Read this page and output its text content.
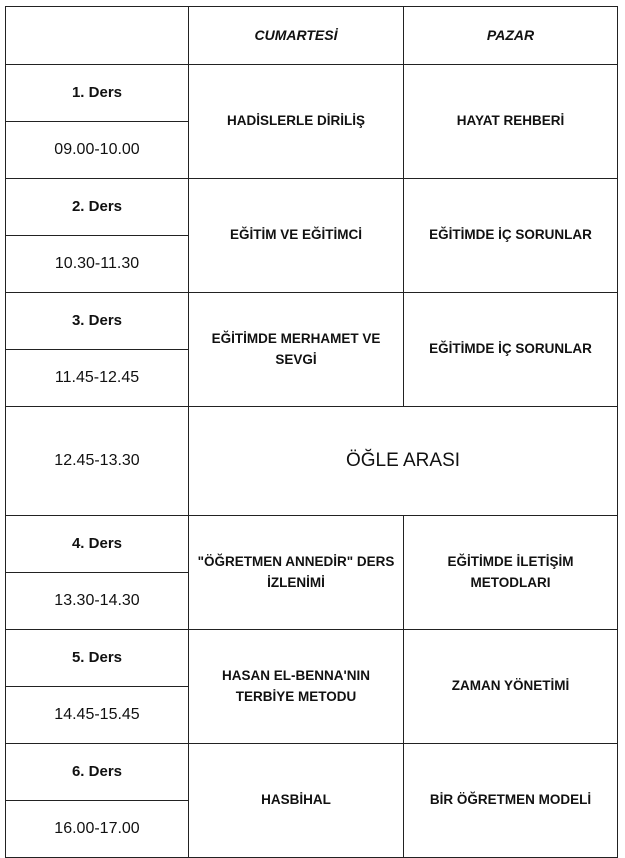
	CUMARTESİ	PAZAR
1. Ders	HADİSLERLE DİRİLİŞ	HAYAT REHBERİ
09.00-10.00		
2. Ders	EĞİTİM VE EĞİTİMCİ	EĞİTİMDE İÇ SORUNLAR
10.30-11.30		
3. Ders	EĞİTİMDE MERHAMET VE SEVGİ	EĞİTİMDE İÇ SORUNLAR
11.45-12.45		
12.45-13.30	ÖĞLE ARASI	
4. Ders	"ÖĞRETMEN ANNEDİR" DERS İZLENİMİ	EĞİTİMDE İLETİŞİM METODLARI
13.30-14.30		
5. Ders	HASAN EL-BENNA'NIN TERBİYE METODU	ZAMAN YÖNETİMİ
14.45-15.45		
6. Ders	HASBİHAL	BİR ÖĞRETMEN MODELİ
16.00-17.00		
